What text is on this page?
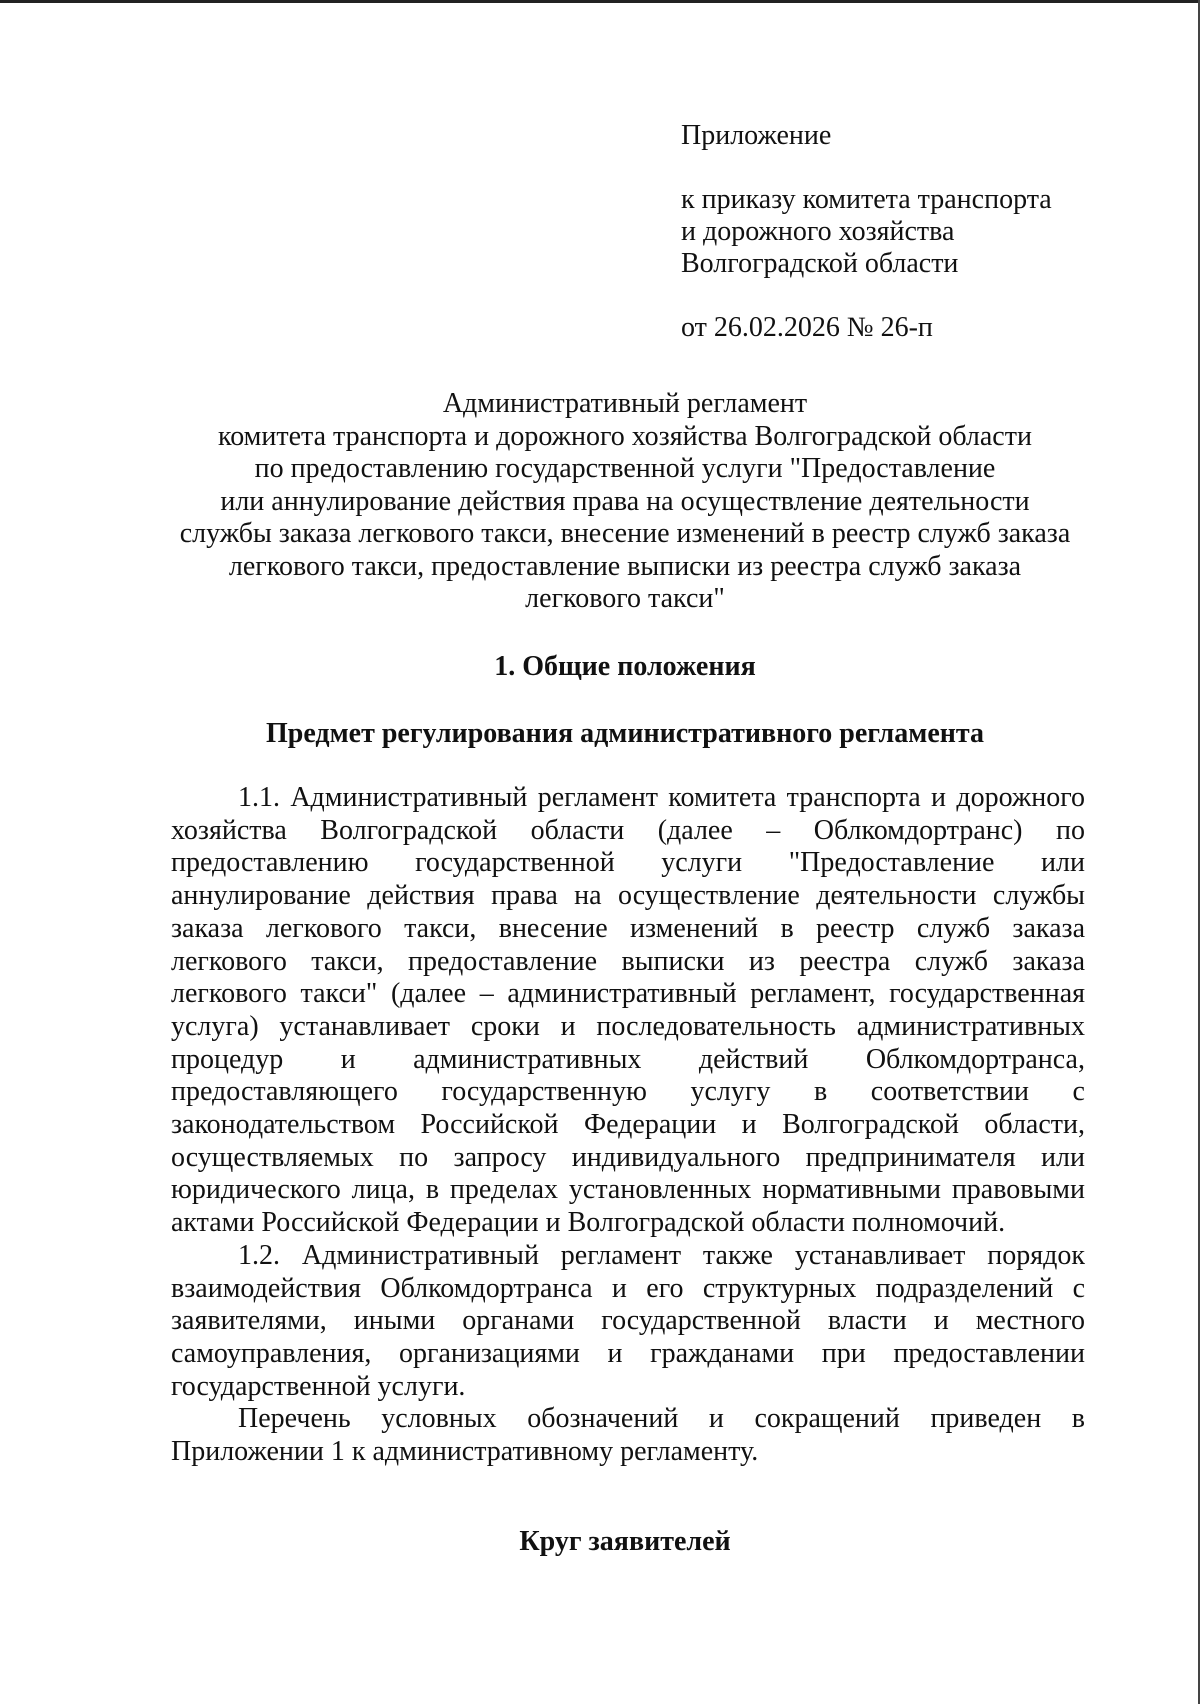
Приложение
к приказу комитета транспорта
и дорожного хозяйства
Волгоградской области
от 26.02.2026 № 26-п
Административный регламент
комитета транспорта и дорожного хозяйства Волгоградской области
по предоставлению государственной услуги "Предоставление
или аннулирование действия права на осуществление деятельности
службы заказа легкового такси, внесение изменений в реестр служб заказа
легкового такси, предоставление выписки из реестра служб заказа
легкового такси"
1. Общие положения
Предмет регулирования административного регламента

1.1. Административный регламент комитета транспорта и дорожного хозяйства Волгоградской области (далее – Облкомдортранс) по предоставлению государственной услуги "Предоставление или аннулирование действия права на осуществление деятельности службы заказа легкового такси, внесение изменений в реестр служб заказа легкового такси, предоставление выписки из реестра служб заказа легкового такси" (далее – административный регламент, государственная услуга) устанавливает сроки и последовательность административных процедур и административных действий Облкомдортранса, предоставляющего государственную услугу в соответствии с законодательством Российской Федерации и Волгоградской области, осуществляемых по запросу индивидуального предпринимателя или юридического лица, в пределах установленных нормативными правовыми актами Российской Федерации и Волгоградской области полномочий.

1.2. Административный регламент также устанавливает порядок взаимодействия Облкомдортранса и его структурных подразделений с заявителями, иными органами государственной власти и местного самоуправления, организациями и гражданами при предоставлении государственной услуги.

Перечень условных обозначений и сокращений приведен в Приложении 1 к административному регламенту.

Круг заявителей
